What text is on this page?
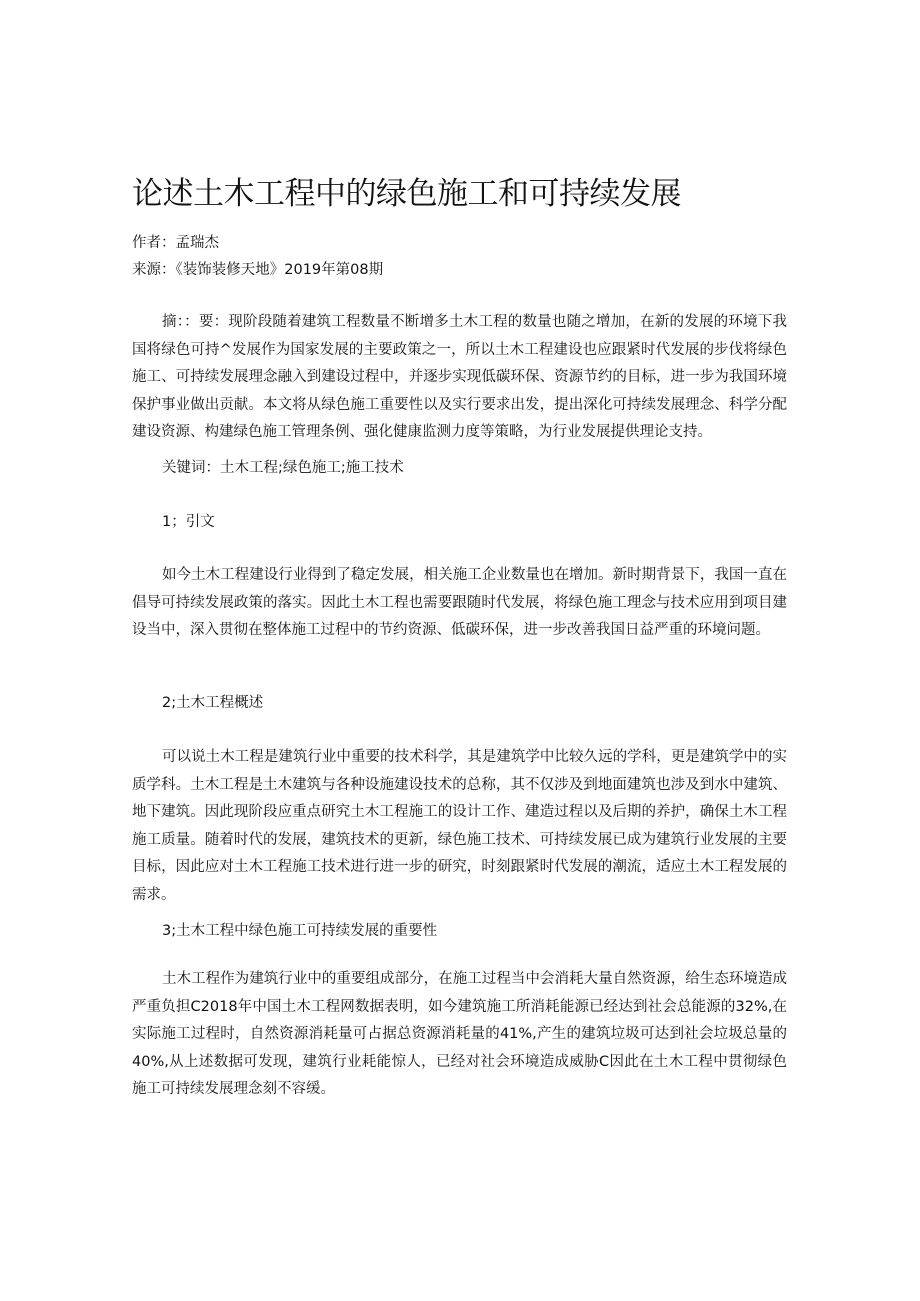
论述土木工程中的绿色施工和可持续发展
作者：孟瑞杰
来源：《装饰装修天地》2019年第08期

摘：：要：现阶段随着建筑工程数量不断增多土木工程的数量也随之增加，在新的发展的环境下我国将绿色可持^发展作为国家发展的主要政策之一，所以土木工程建设也应跟紧时代发展的步伐将绿色施工、可持续发展理念融入到建设过程中，并逐步实现低碳环保、资源节约的目标，进一步为我国环境保护事业做出贡献。本文将从绿色施工重要性以及实行要求出发，提出深化可持续发展理念、科学分配建设资源、构建绿色施工管理条例、强化健康监测力度等策略，为行业发展提供理论支持。

关键词：土木工程;绿色施工;施工技术
1；引文

如今土木工程建设行业得到了稳定发展，相关施工企业数量也在增加。新时期背景下，我国一直在倡导可持续发展政策的落实。因此土木工程也需要跟随时代发展，将绿色施工理念与技术应用到项目建设当中，深入贯彻在整体施工过程中的节约资源、低碳环保，进一步改善我国日益严重的环境问题。

2;土木工程概述

可以说土木工程是建筑行业中重要的技术科学，其是建筑学中比较久远的学科，更是建筑学中的实质学科。土木工程是土木建筑与各种设施建设技术的总称，其不仅涉及到地面建筑也涉及到水中建筑、地下建筑。因此现阶段应重点研究土木工程施工的设计工作、建造过程以及后期的养护，确保土木工程施工质量。随着时代的发展，建筑技术的更新，绿色施工技术、可持续发展已成为建筑行业发展的主要目标，因此应对土木工程施工技术进行进一步的研究，时刻跟紧时代发展的潮流，适应土木工程发展的需求。

3;土木工程中绿色施工可持续发展的重要性

土木工程作为建筑行业中的重要组成部分，在施工过程当中会消耗大量自然资源，给生态环境造成严重负担C2018年中国土木工程网数据表明，如今建筑施工所消耗能源已经达到社会总能源的32%,在实际施工过程时，自然资源消耗量可占据总资源消耗量的41%,产生的建筑垃圾可达到社会垃圾总量的40%,从上述数据可发现，建筑行业耗能惊人，已经对社会环境造成威胁C因此在土木工程中贯彻绿色施工可持续发展理念刻不容缓。
